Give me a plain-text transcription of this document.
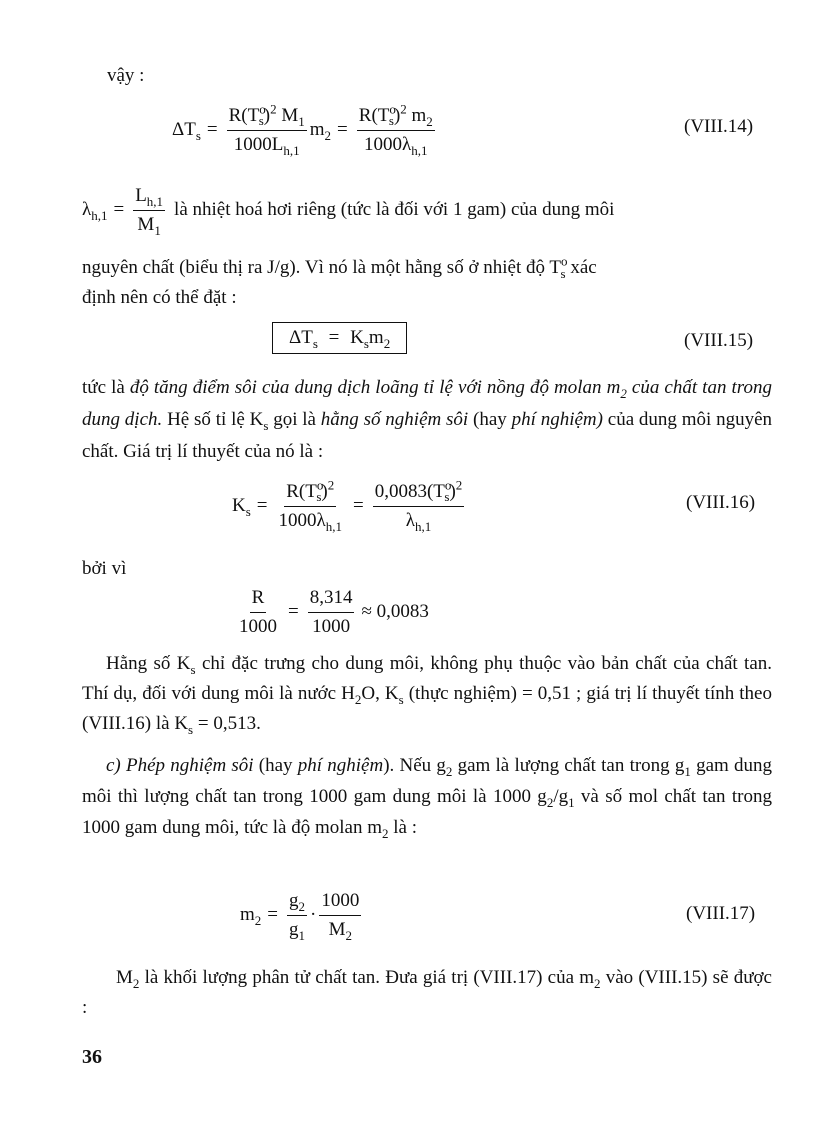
vậy :
$\Delta T_s = \frac{R(T^o_s)^2 M_1}{1000L_{h,1}} m_2 = \frac{R(T^o_s)^2 m_2}{1000\lambda_{h,1}}$	(VIII.14)
$\lambda_{h,1} = \frac{L_{h,1}}{M_1}$ là nhiệt hoá hơi riêng (tức là đối với 1 gam) của dung môi
nguyên chất (biểu thị ra J/g). Vì nó là một hằng số ở nhiệt độ $T^o_s$ xác
định nên có thể đặt :
$\Delta T_s = K_sm_2$	(VIII.15)
tức là độ tăng điểm sôi của dung dịch loãng tỉ lệ với nồng độ molan $m_2$ của chất tan trong dung dịch. Hệ số tỉ lệ $K_s$ gọi là hằng số nghiệm sôi (hay phí nghiệm) của dung môi nguyên chất. Giá trị lí thuyết của nó là :
$K_s = \frac{R(T^o_s)^2}{1000\lambda_{h,1}} = \frac{0,0083(T^o_s)^2}{\lambda_{h,1}}$	(VIII.16)
bởi vì
$\frac{R}{1000} = \frac{8,314}{1000} \approx 0,0083$
Hằng số $K_s$ chỉ đặc trưng cho dung môi, không phụ thuộc vào bản chất của chất tan. Thí dụ, đối với dung môi là nước $H_2O$, $K_s$ (thực nghiệm) = 0,51 ; giá trị lí thuyết tính theo (VIII.16) là $K_s = 0,513$.
c) Phép nghiệm sôi (hay phí nghiệm). Nếu $g_2$ gam là lượng chất tan trong $g_1$ gam dung môi thì lượng chất tan trong 1000 gam dung môi là 1000 $g_2/g_1$ và số mol chất tan trong 1000 gam dung môi, tức là độ molan $m_2$ là :
$m_2 = \frac{g_2}{g_1} \cdot \frac{1000}{M_2}$	(VIII.17)
$M_2$ là khối lượng phân tử chất tan. Đưa giá trị (VIII.17) của $m_2$ vào (VIII.15) sẽ được :
36
